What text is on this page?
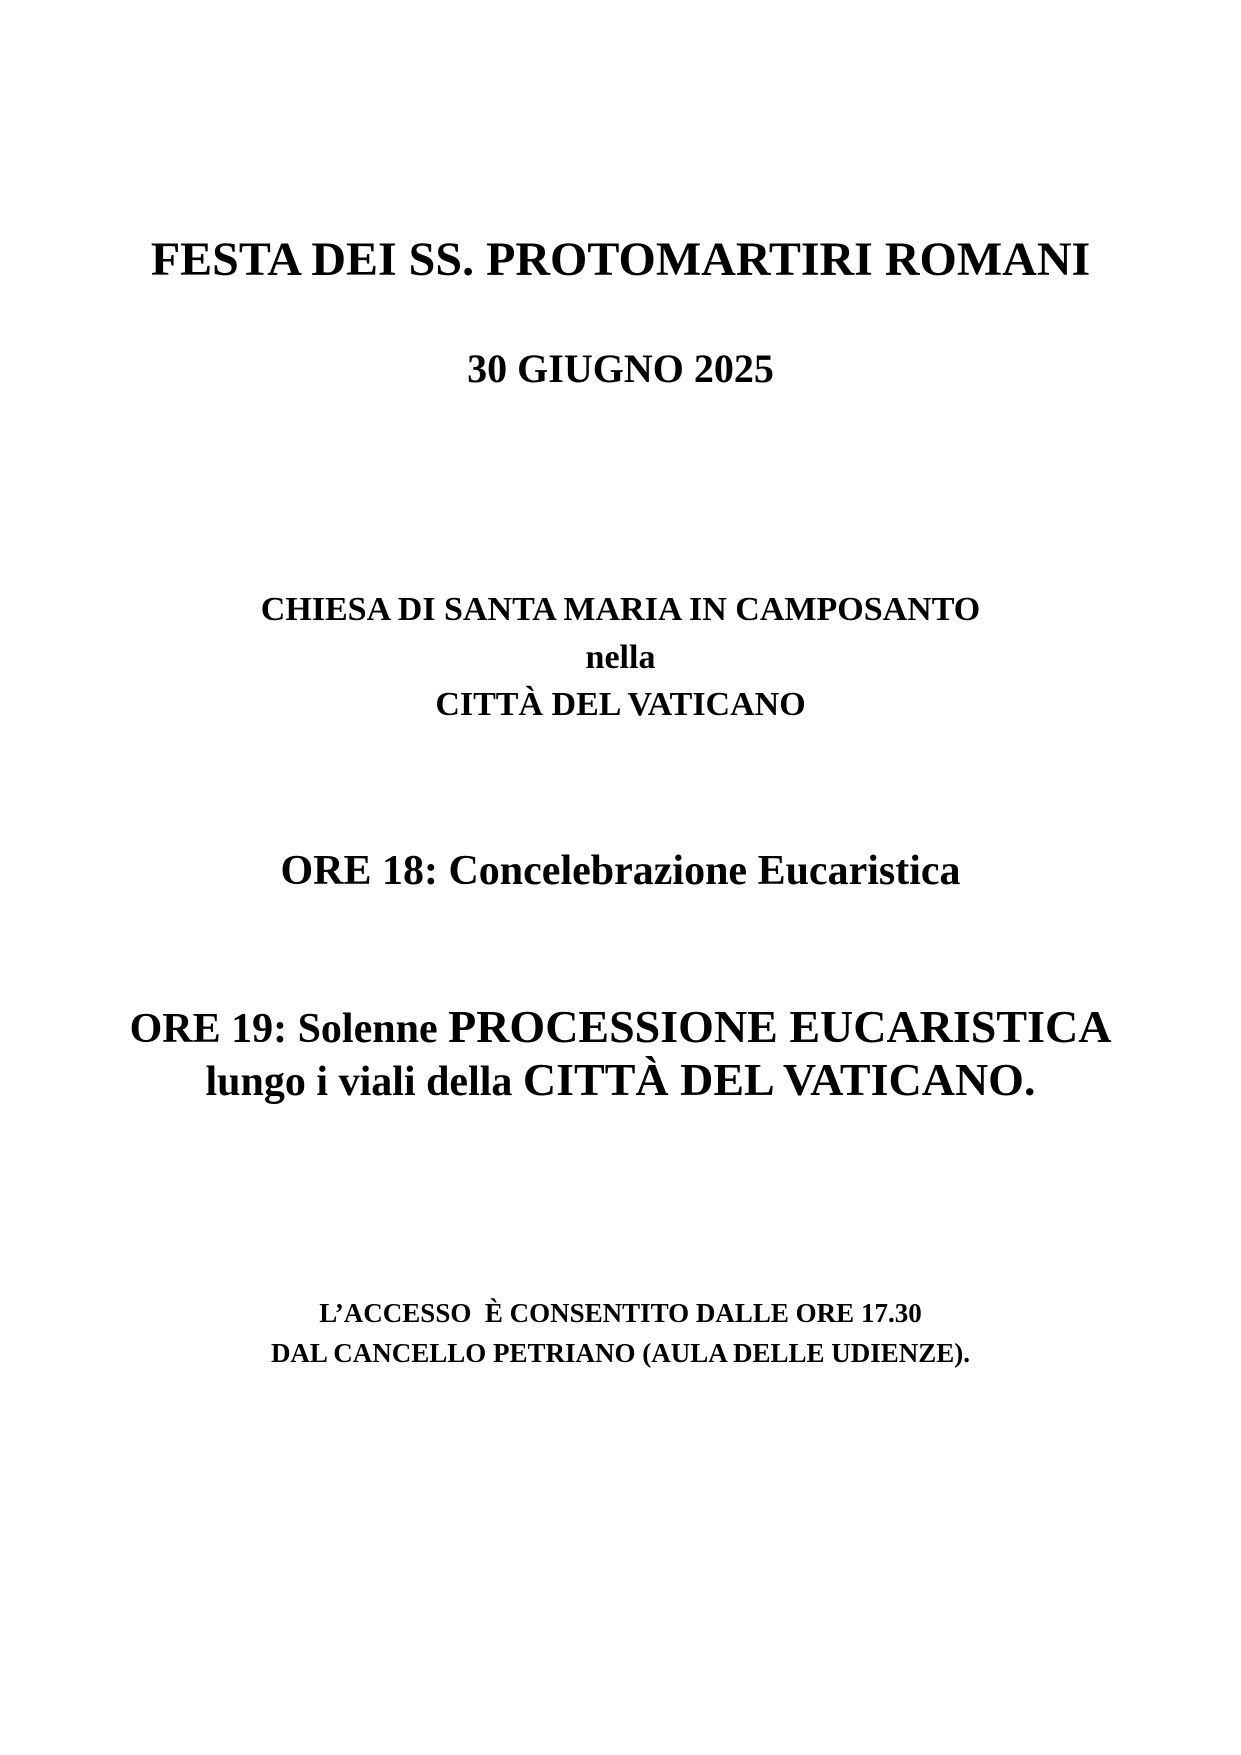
FESTA DEI SS. PROTOMARTIRI ROMANI
30 GIUGNO 2025
CHIESA DI SANTA MARIA IN CAMPOSANTO
nella
CITTÀ DEL VATICANO
ORE 18: Concelebrazione Eucaristica
ORE 19: Solenne PROCESSIONE EUCARISTICA
lungo i viali della CITTÀ DEL VATICANO.
L’ACCESSO  È CONSENTITO DALLE ORE 17.30
DAL CANCELLO PETRIANO (AULA DELLE UDIENZE).
